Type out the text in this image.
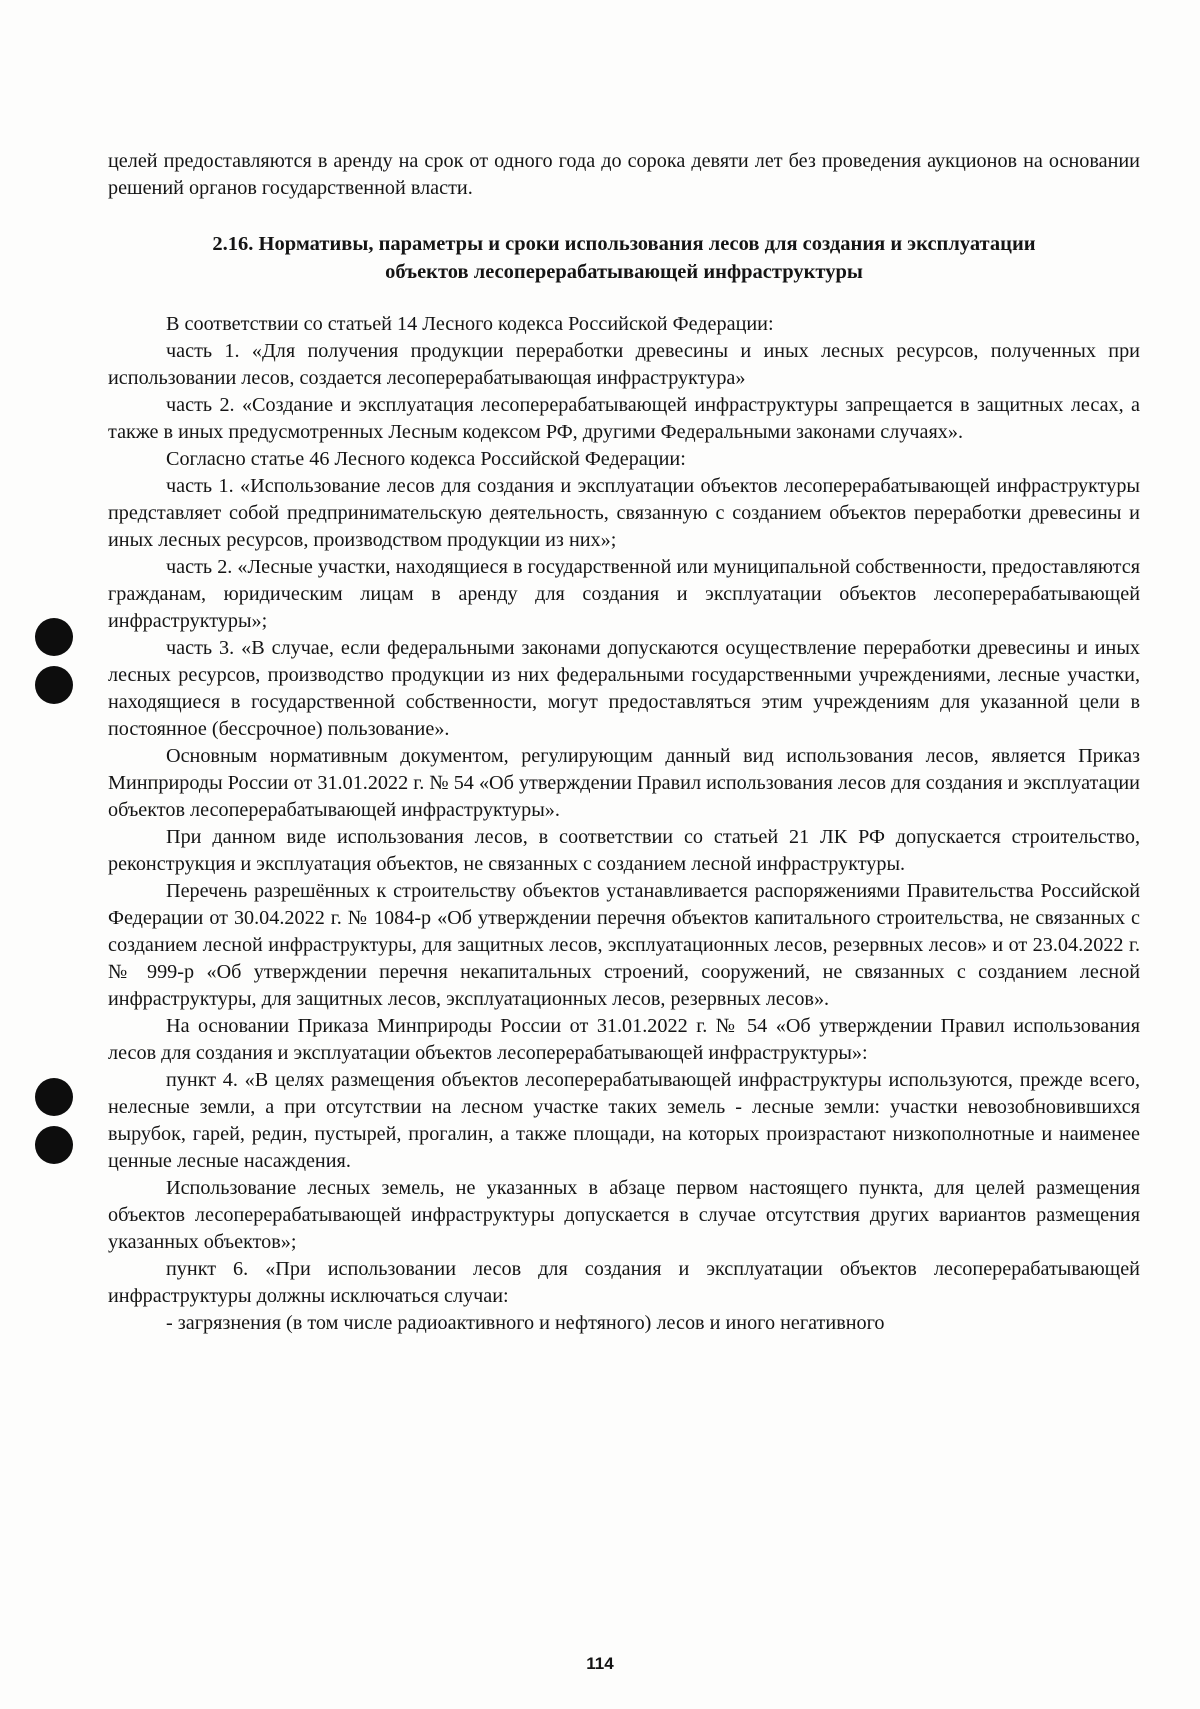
целей предоставляются в аренду на срок от одного года до сорока девяти лет без проведения аукционов на основании решений органов государственной власти.

2.16. Нормативы, параметры и сроки использования лесов для создания и эксплуатации объектов лесоперерабатывающей инфраструктуры

В соответствии со статьей 14 Лесного кодекса Российской Федерации:

часть 1. «Для получения продукции переработки древесины и иных лесных ресурсов, полученных при использовании лесов, создается лесоперерабатывающая инфраструктура»

часть 2. «Создание и эксплуатация лесоперерабатывающей инфраструктуры запрещается в защитных лесах, а также в иных предусмотренных Лесным кодексом РФ, другими Федеральными законами случаях».

Согласно статье 46 Лесного кодекса Российской Федерации:

часть 1. «Использование лесов для создания и эксплуатации объектов лесоперерабатывающей инфраструктуры представляет собой предпринимательскую деятельность, связанную с созданием объектов переработки древесины и иных лесных ресурсов, производством продукции из них»;

часть 2. «Лесные участки, находящиеся в государственной или муниципальной собственности, предоставляются гражданам, юридическим лицам в аренду для создания и эксплуатации объектов лесоперерабатывающей инфраструктуры»;

часть 3. «В случае, если федеральными законами допускаются осуществление переработки древесины и иных лесных ресурсов, производство продукции из них федеральными государственными учреждениями, лесные участки, находящиеся в государственной собственности, могут предоставляться этим учреждениям для указанной цели в постоянное (бессрочное) пользование».

Основным нормативным документом, регулирующим данный вид использования лесов, является Приказ Минприроды России от 31.01.2022 г. № 54 «Об утверждении Правил использования лесов для создания и эксплуатации объектов лесоперерабатывающей инфраструктуры».

При данном виде использования лесов, в соответствии со статьей 21 ЛК РФ допускается строительство, реконструкция и эксплуатация объектов, не связанных с созданием лесной инфраструктуры.

Перечень разрешённых к строительству объектов устанавливается распоряжениями Правительства Российской Федерации от 30.04.2022 г. № 1084-р «Об утверждении перечня объектов капитального строительства, не связанных с созданием лесной инфраструктуры, для защитных лесов, эксплуатационных лесов, резервных лесов» и от 23.04.2022 г. № 999-р «Об утверждении перечня некапитальных строений, сооружений, не связанных с созданием лесной инфраструктуры, для защитных лесов, эксплуатационных лесов, резервных лесов».

На основании Приказа Минприроды России от 31.01.2022 г. № 54 «Об утверждении Правил использования лесов для создания и эксплуатации объектов лесоперерабатывающей инфраструктуры»:

пункт 4. «В целях размещения объектов лесоперерабатывающей инфраструктуры используются, прежде всего, нелесные земли, а при отсутствии на лесном участке таких земель - лесные земли: участки невозобновившихся вырубок, гарей, редин, пустырей, прогалин, а также площади, на которых произрастают низкополнотные и наименее ценные лесные насаждения.

Использование лесных земель, не указанных в абзаце первом настоящего пункта, для целей размещения объектов лесоперерабатывающей инфраструктуры допускается в случае отсутствия других вариантов размещения указанных объектов»;

пункт 6. «При использовании лесов для создания и эксплуатации объектов лесоперерабатывающей инфраструктуры должны исключаться случаи:

- загрязнения (в том числе радиоактивного и нефтяного) лесов и иного негативного

114
